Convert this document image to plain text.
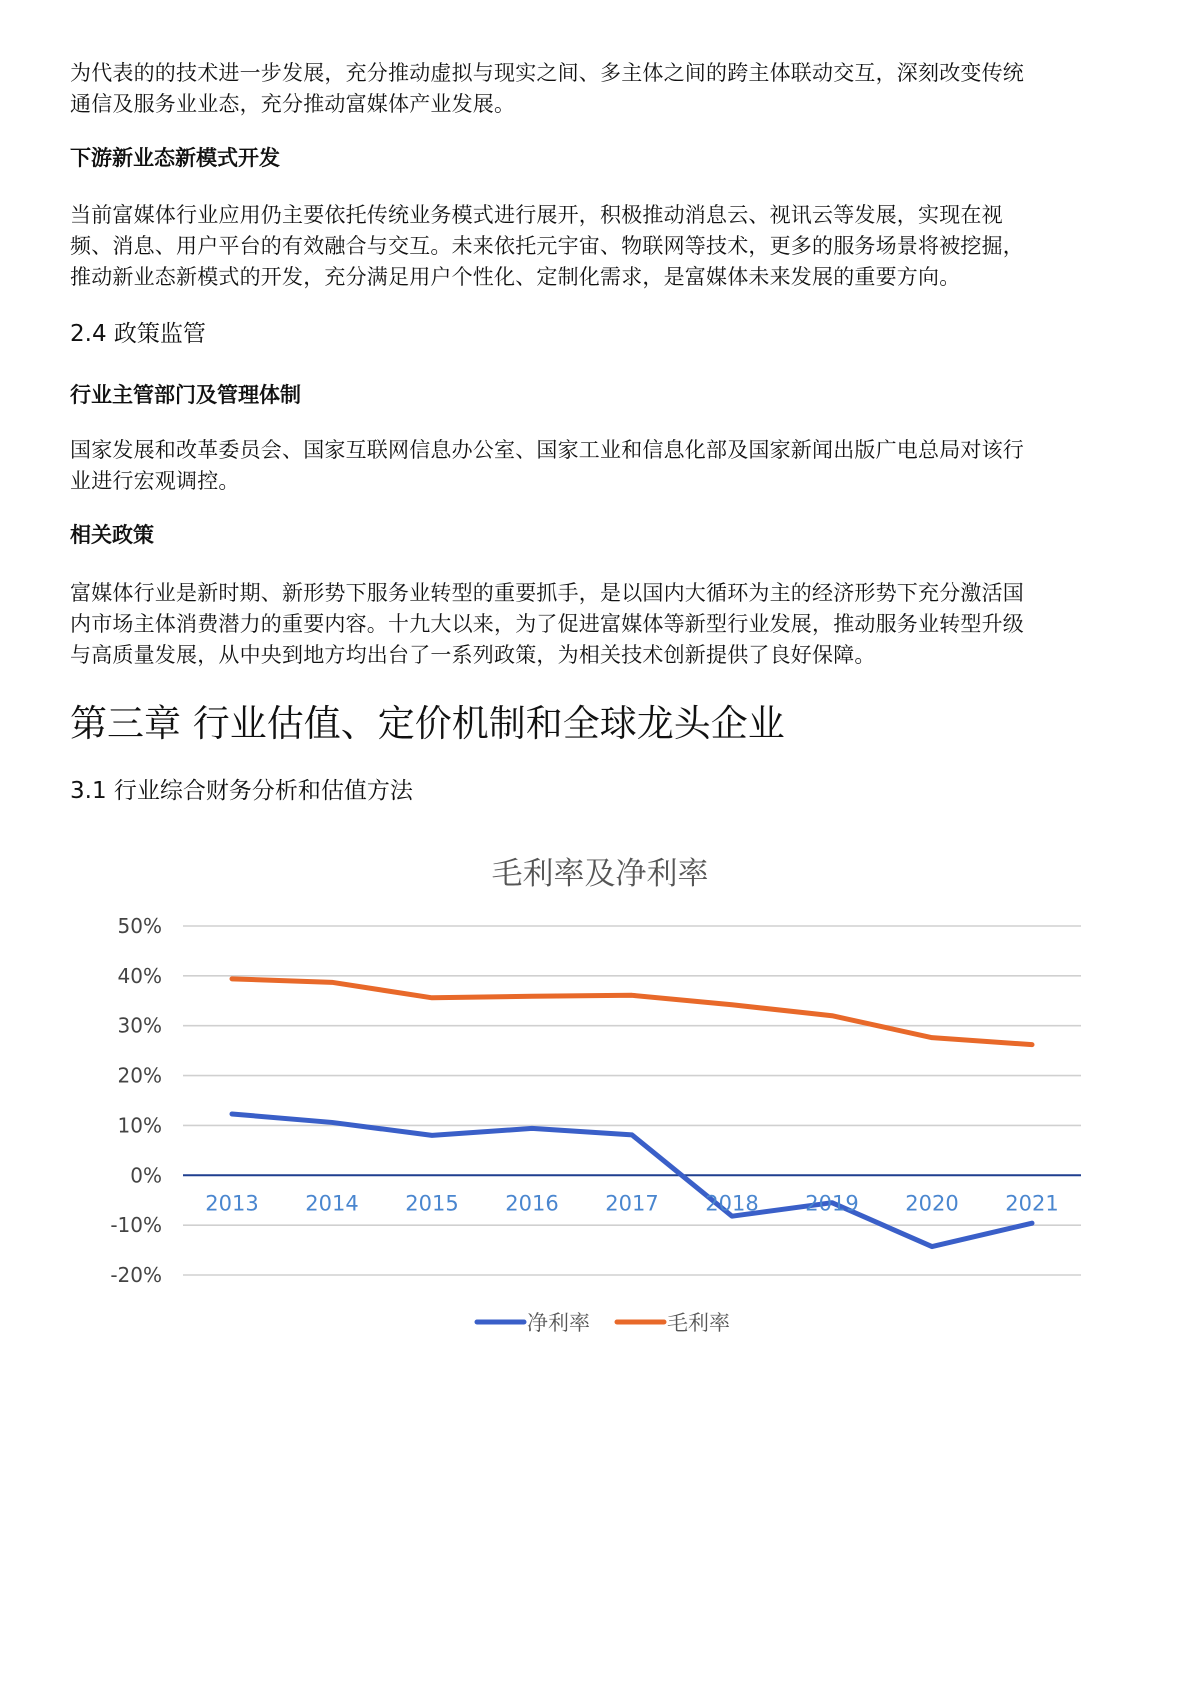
为代表的的技术进一步发展，充分推动虚拟与现实之间、多主体之间的跨主体联动交互，深刻改变传统
通信及服务业业态，充分推动富媒体产业发展。
下游新业态新模式开发
当前富媒体行业应用仍主要依托传统业务模式进行展开，积极推动消息云、视讯云等发展，实现在视
频、消息、用户平台的有效融合与交互。未来依托元宇宙、物联网等技术，更多的服务场景将被挖掘，
推动新业态新模式的开发，充分满足用户个性化、定制化需求，是富媒体未来发展的重要方向。
2.4 政策监管
行业主管部门及管理体制
国家发展和改革委员会、国家互联网信息办公室、国家工业和信息化部及国家新闻出版广电总局对该行
业进行宏观调控。
相关政策
富媒体行业是新时期、新形势下服务业转型的重要抓手，是以国内大循环为主的经济形势下充分激活国
内市场主体消费潜力的重要内容。十九大以来，为了促进富媒体等新型行业发展，推动服务业转型升级
与高质量发展，从中央到地方均出台了一系列政策，为相关技术创新提供了良好保障。
第三章 行业估值、定价机制和全球龙头企业
3.1 行业综合财务分析和估值方法
毛利率及净利率
50%
40%
30%
20%
10%
0%
-10%
-20%
2013 2014 2015 2016 2017 2018 2019 2020 2021
净利率	毛利率
